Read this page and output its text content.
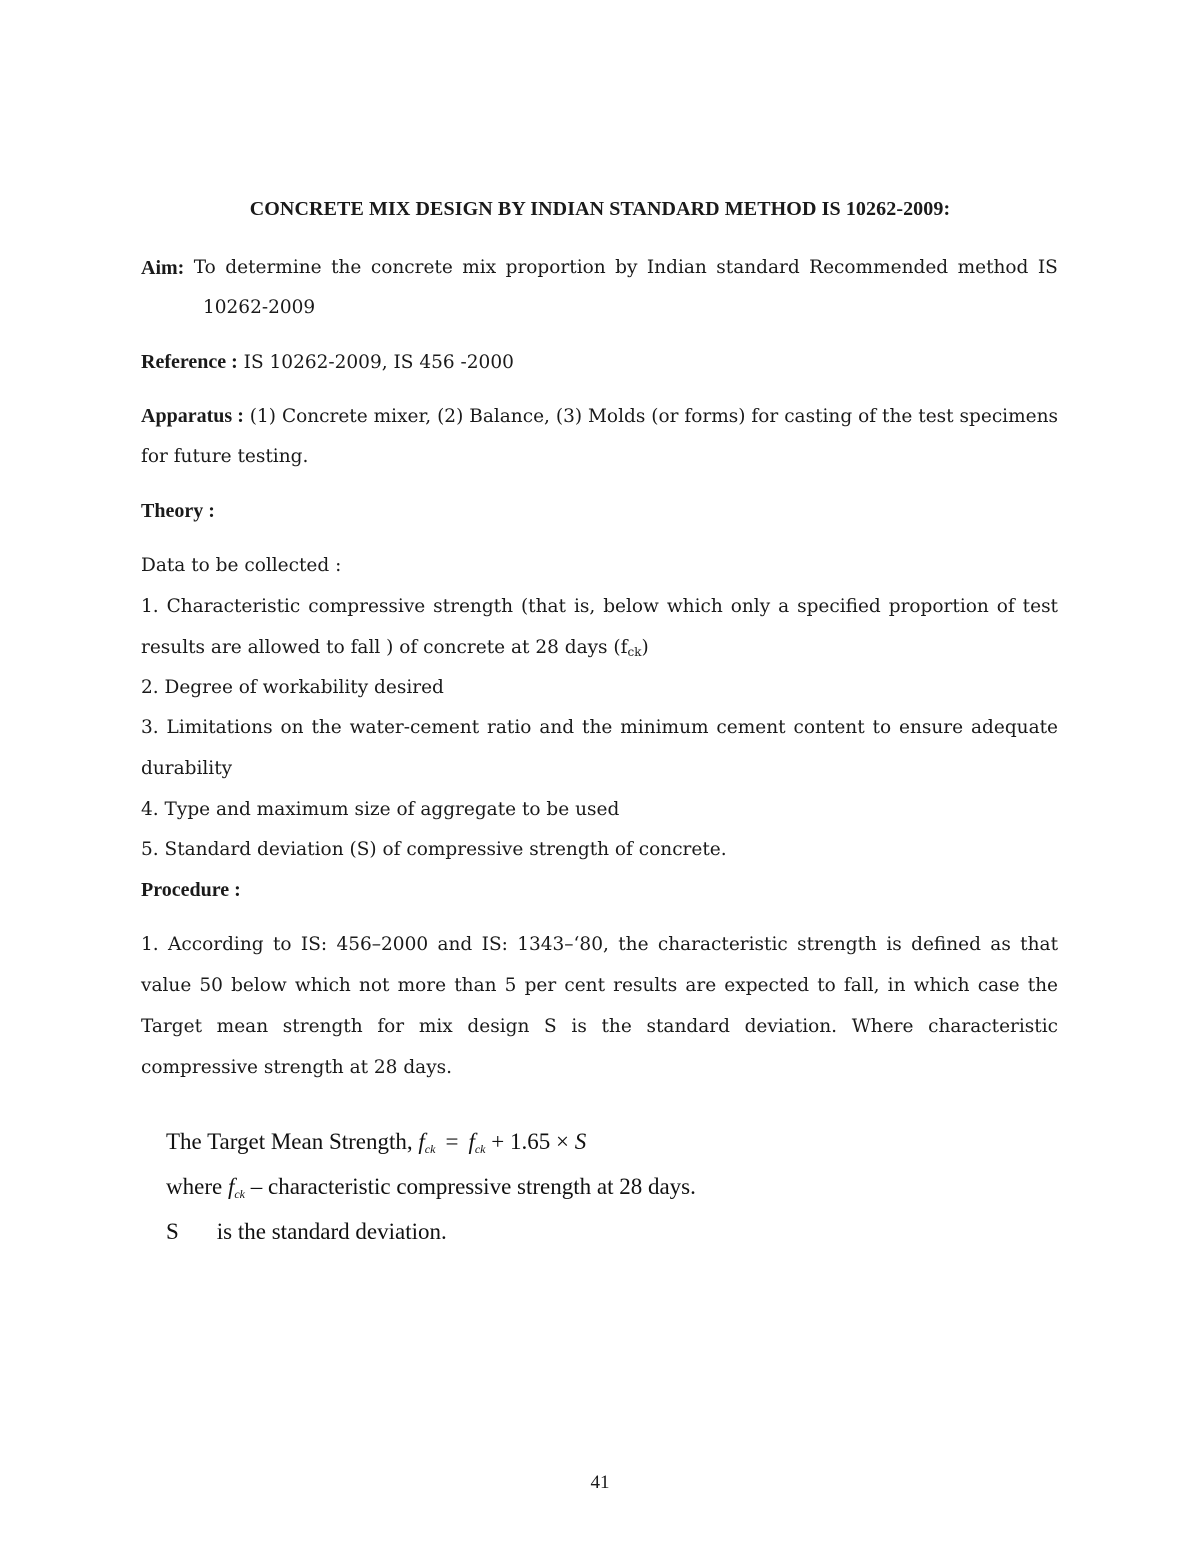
CONCRETE MIX DESIGN BY INDIAN STANDARD METHOD IS 10262-2009:
Aim: To determine the concrete mix proportion by Indian standard Recommended method IS
10262-2009

Reference : IS 10262-2009, IS 456 -2000

Apparatus : (1) Concrete mixer, (2) Balance, (3) Molds (or forms) for casting of the test specimens for future testing.

Theory :

Data to be collected :

1. Characteristic compressive strength (that is, below which only a specified proportion of test results are allowed to fall ) of concrete at 28 days $(f_{ck})$

2. Degree of workability desired

3. Limitations on the water-cement ratio and the minimum cement content to ensure adequate durability

4. Type and maximum size of aggregate to be used

5. Standard deviation (S) of compressive strength of concrete.

Procedure :

1. According to IS: 456–2000 and IS: 1343–‘80, the characteristic strength is defined as that value 50 below which not more than 5 per cent results are expected to fall, in which case the Target mean strength for mix design S is the standard deviation. Where characteristic compressive strength at 28 days.

The Target Mean Strength, $f_{ck} = f_{ck} + 1.65 \times S$
where $f_{ck}$ – characteristic compressive strength at 28 days.
S is the standard deviation.
41
